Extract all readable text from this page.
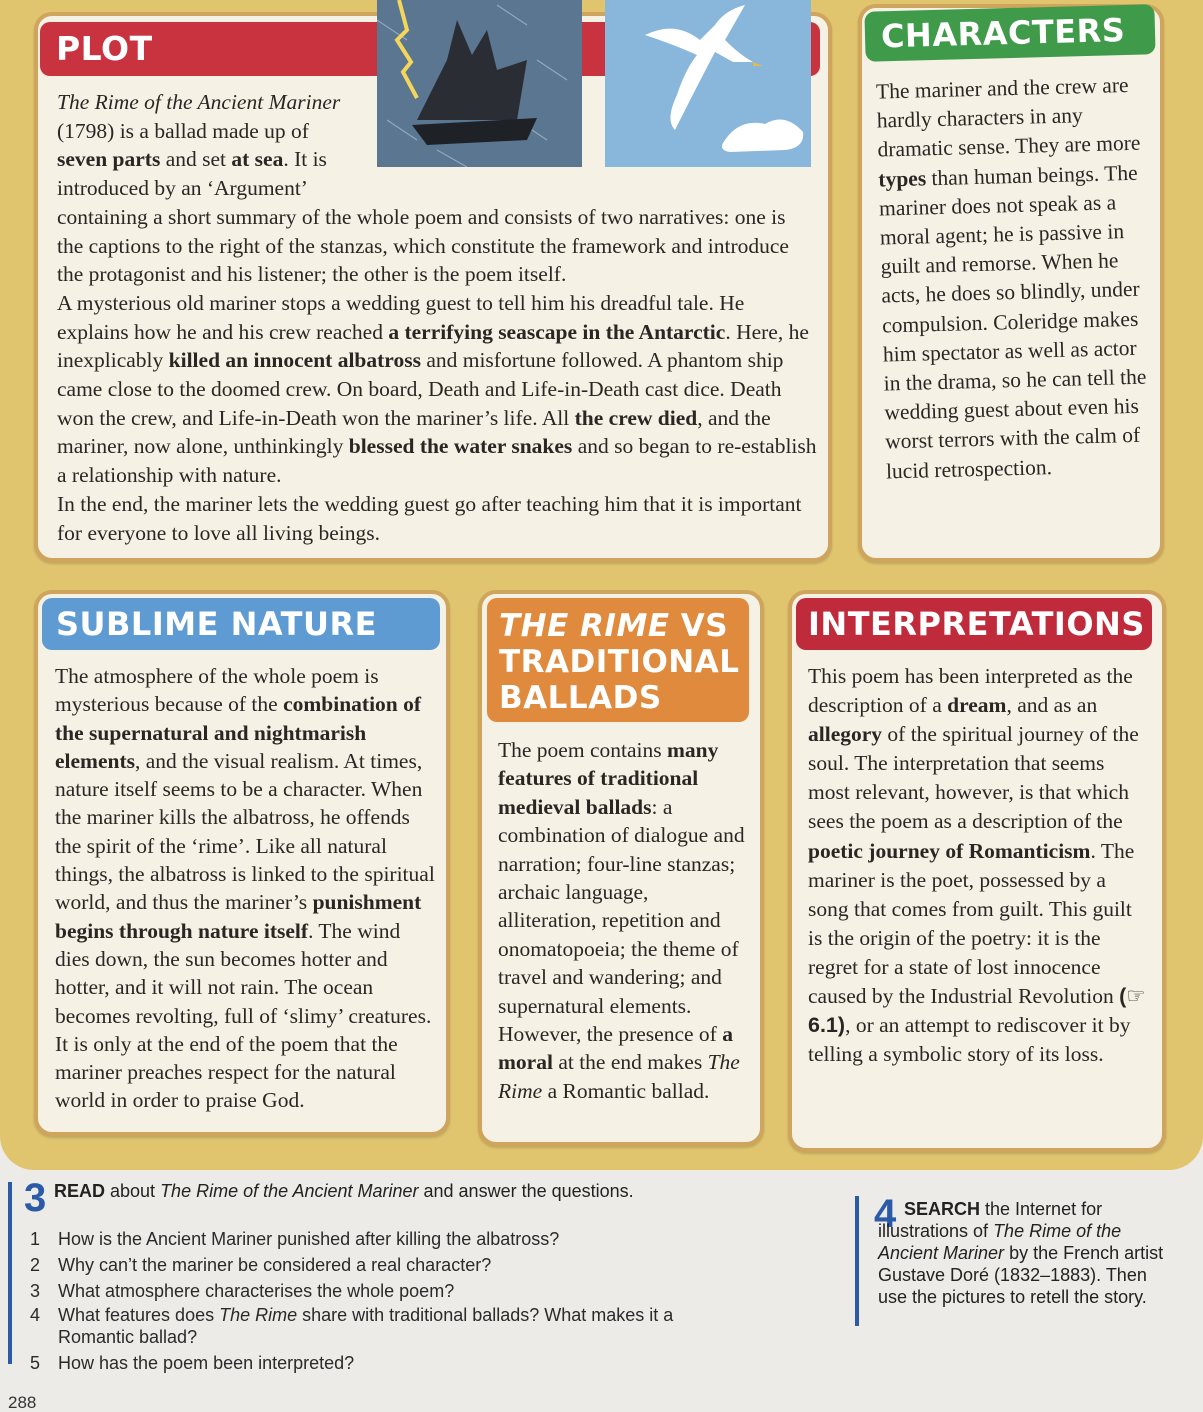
PLOT

The Rime of the Ancient Mariner (1798) is a ballad made up of seven parts and set at sea. It is introduced by an ‘Argument’

containing a short summary of the whole poem and consists of two narratives: one is the captions to the right of the stanzas, which constitute the framework and introduce the protagonist and his listener; the other is the poem itself.

A mysterious old mariner stops a wedding guest to tell him his dreadful tale. He explains how he and his crew reached a terrifying seascape in the Antarctic. Here, he inexplicably killed an innocent albatross and misfortune followed. A phantom ship came close to the doomed crew. On board, Death and Life-in-Death cast dice. Death won the crew, and Life-in-Death won the mariner’s life. All the crew died, and the mariner, now alone, unthinkingly blessed the water snakes and so began to re-establish a relationship with nature.

In the end, the mariner lets the wedding guest go after teaching him that it is important for everyone to love all living beings.

CHARACTERS

The mariner and the crew are hardly characters in any dramatic sense. They are more types than human beings. The mariner does not speak as a moral agent; he is passive in guilt and remorse. When he acts, he does so blindly, under compulsion. Coleridge makes him spectator as well as actor in the drama, so he can tell the wedding guest about even his worst terrors with the calm of lucid retrospection.

SUBLIME NATURE

The atmosphere of the whole poem is mysterious because of the combination of the supernatural and nightmarish elements, and the visual realism. At times, nature itself seems to be a character. When the mariner kills the albatross, he offends the spirit of the ‘rime’. Like all natural things, the albatross is linked to the spiritual world, and thus the mariner’s punishment begins through nature itself. The wind dies down, the sun becomes hotter and hotter, and it will not rain. The ocean becomes revolting, full of ‘slimy’ creatures. It is only at the end of the poem that the mariner preaches respect for the natural world in order to praise God.

THE RIME VS TRADITIONAL BALLADS

The poem contains many features of traditional medieval ballads: a combination of dialogue and narration; four-line stanzas; archaic language, alliteration, repetition and onomatopoeia; the theme of travel and wandering; and supernatural elements. However, the presence of a moral at the end makes The Rime a Romantic ballad.

INTERPRETATIONS

This poem has been interpreted as the description of a dream, and as an allegory of the spiritual journey of the soul. The interpretation that seems most relevant, however, is that which sees the poem as a description of the poetic journey of Romanticism. The mariner is the poet, possessed by a song that comes from guilt. This guilt is the origin of the poetry: it is the regret for a state of lost innocence caused by the Industrial Revolution (☞ 6.1), or an attempt to rediscover it by telling a symbolic story of its loss.

3 READ about The Rime of the Ancient Mariner and answer the questions.
1 How is the Ancient Mariner punished after killing the albatross?
2 Why can’t the mariner be considered a real character?
3 What atmosphere characterises the whole poem?
4 What features does The Rime share with traditional ballads? What makes it a Romantic ballad?
5 How has the poem been interpreted?
4 SEARCH the Internet for illustrations of The Rime of the Ancient Mariner by the French artist Gustave Doré (1832–1883). Then use the pictures to retell the story.
288
